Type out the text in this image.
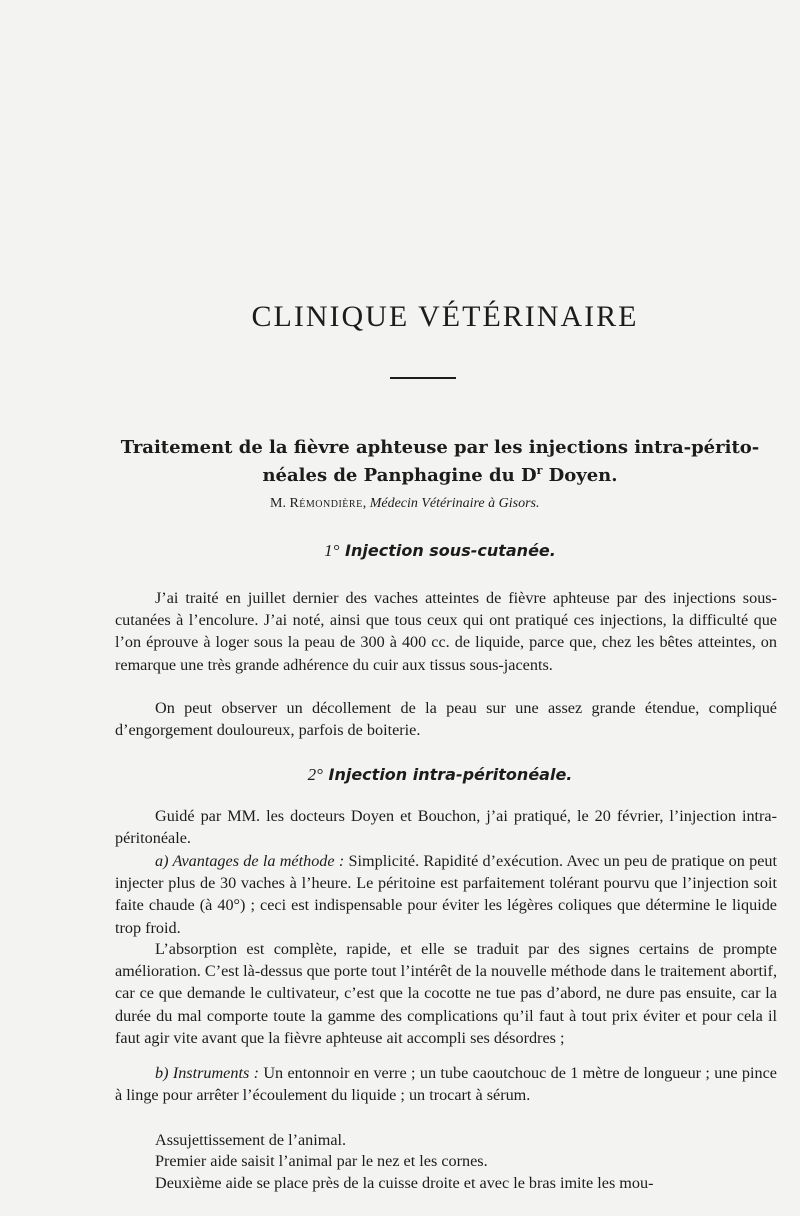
CLINIQUE VÉTÉRINAIRE
Traitement de la fièvre aphteuse par les injections intra-périto-
néales de Panphagine du $D^r$ Doyen.
M. Rémondière, Médecin Vétérinaire à Gisors.
1° Injection sous-cutanée.
J’ai traité en juillet dernier des vaches atteintes de fièvre aphteuse par des injections sous-cutanées à l’encolure. J’ai noté, ainsi que tous ceux qui ont pratiqué ces injections, la difficulté que l’on éprouve à loger sous la peau de 300 à 400 cc. de liquide, parce que, chez les bêtes atteintes, on remarque une très grande adhérence du cuir aux tissus sous-jacents.
On peut observer un décollement de la peau sur une assez grande étendue, compliqué d’engorgement douloureux, parfois de boiterie.
2° Injection intra-péritonéale.
Guidé par MM. les docteurs Doyen et Bouchon, j’ai pratiqué, le 20 février, l’injection intra-péritonéale.
a) Avantages de la méthode : Simplicité. Rapidité d’exécution. Avec un peu de pratique on peut injecter plus de 30 vaches à l’heure. Le péritoine est parfaitement tolérant pourvu que l’injection soit faite chaude (à 40°) ; ceci est indispensable pour éviter les légères coliques que détermine le liquide trop froid.
L’absorption est complète, rapide, et elle se traduit par des signes certains de prompte amélioration. C’est là-dessus que porte tout l’intérêt de la nouvelle méthode dans le traitement abortif, car ce que demande le cultivateur, c’est que la cocotte ne tue pas d’abord, ne dure pas ensuite, car la durée du mal comporte toute la gamme des complications qu’il faut à tout prix éviter et pour cela il faut agir vite avant que la fièvre aphteuse ait accompli ses désordres ;
b) Instruments : Un entonnoir en verre ; un tube caoutchouc de 1 mètre de longueur ; une pince à linge pour arrêter l’écoulement du liquide ; un trocart à sérum.
Assujettissement de l’animal.
Premier aide saisit l’animal par le nez et les cornes.
Deuxième aide se place près de la cuisse droite et avec le bras imite les mou-
